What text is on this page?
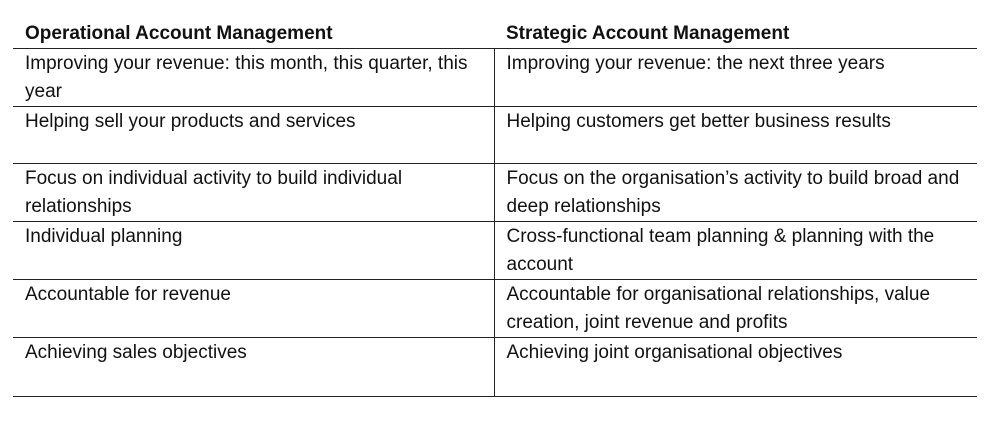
Operational Account Management	Strategic Account Management
Improving your revenue: this month, this quarter, this year	Improving your revenue: the next three years
Helping sell your products and services	Helping customers get better business results
Focus on individual activity to build individual relationships	Focus on the organisation’s activity to build broad and deep relationships
Individual planning	Cross-functional team planning & planning with the account
Accountable for revenue	Accountable for organisational relationships, value creation, joint revenue and profits
Achieving sales objectives	Achieving joint organisational objectives
